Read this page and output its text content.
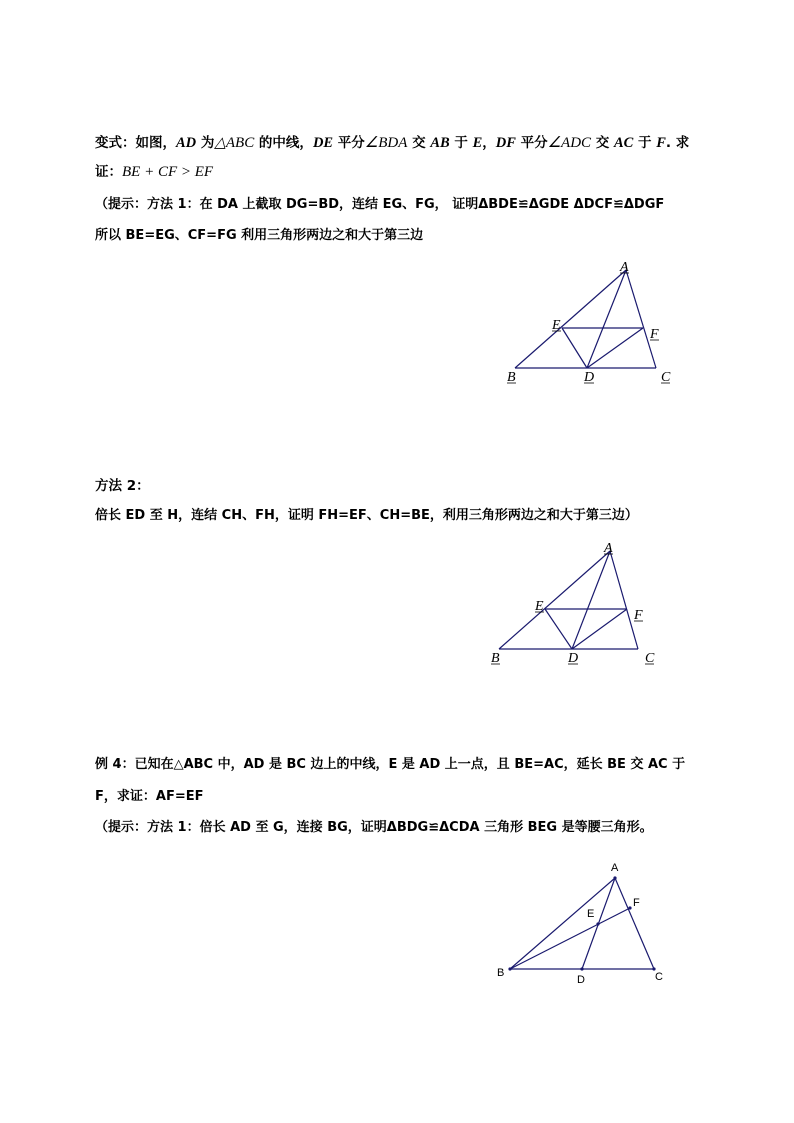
变式：如图，AD 为△ABC 的中线，DE 平分∠BDA 交 AB 于 E，DF 平分∠ADC 交 AC 于 F. 求
证：BE + CF > EF
（提示：方法 1：在 DA 上截取 DG=BD，连结 EG、FG， 证明ΔBDE≌ΔGDE ΔDCF≌ΔDGF
所以 BE=EG、CF=FG 利用三角形两边之和大于第三边
A
E
F
B	D	C
A
E
F
B	D	C
A
E
F
B
D	C
方法 2：
倍长 ED 至 H，连结 CH、FH，证明 FH=EF、CH=BE，利用三角形两边之和大于第三边）
例 4：已知在△ABC 中，AD 是 BC 边上的中线，E 是 AD 上一点，且 BE=AC，延长 BE 交 AC 于
F，求证：AF=EF
（提示：方法 1：倍长 AD 至 G，连接 BG，证明ΔBDG≌ΔCDA 三角形 BEG 是等腰三角形。
